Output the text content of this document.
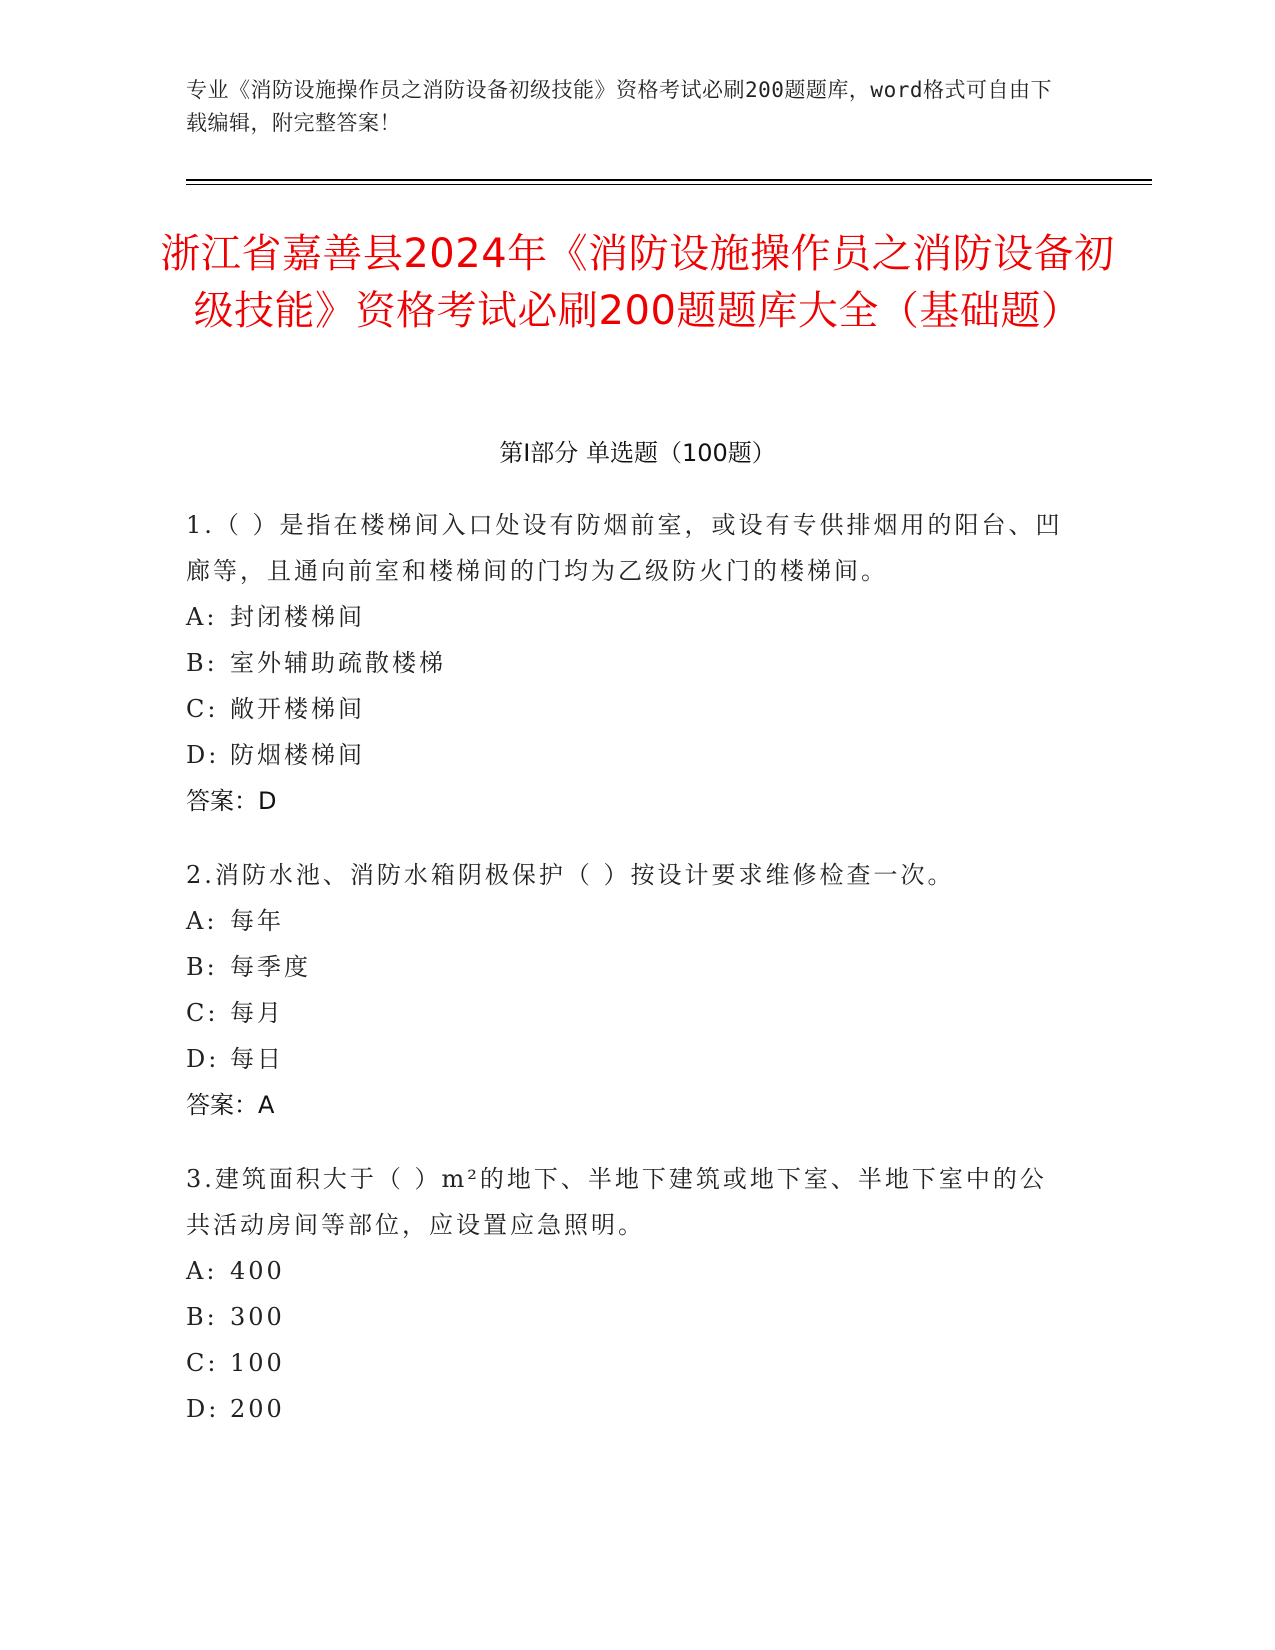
专业《消防设施操作员之消防设备初级技能》资格考试必刷200题题库，word格式可自由下载编辑，附完整答案！
浙江省嘉善县2024年《消防设施操作员之消防设备初级技能》资格考试必刷200题题库大全（基础题）
第I部分 单选题（100题）
1.（ ）是指在楼梯间入口处设有防烟前室，或设有专供排烟用的阳台、凹廊等，且通向前室和楼梯间的门均为乙级防火门的楼梯间。
A: 封闭楼梯间
B: 室外辅助疏散楼梯
C: 敞开楼梯间
D: 防烟楼梯间
答案：D
2.消防水池、消防水箱阴极保护（ ）按设计要求维修检查一次。
A: 每年
B: 每季度
C: 每月
D: 每日
答案：A
3.建筑面积大于（ ）m²的地下、半地下建筑或地下室、半地下室中的公共活动房间等部位，应设置应急照明。
A: 400
B: 300
C: 100
D: 200
